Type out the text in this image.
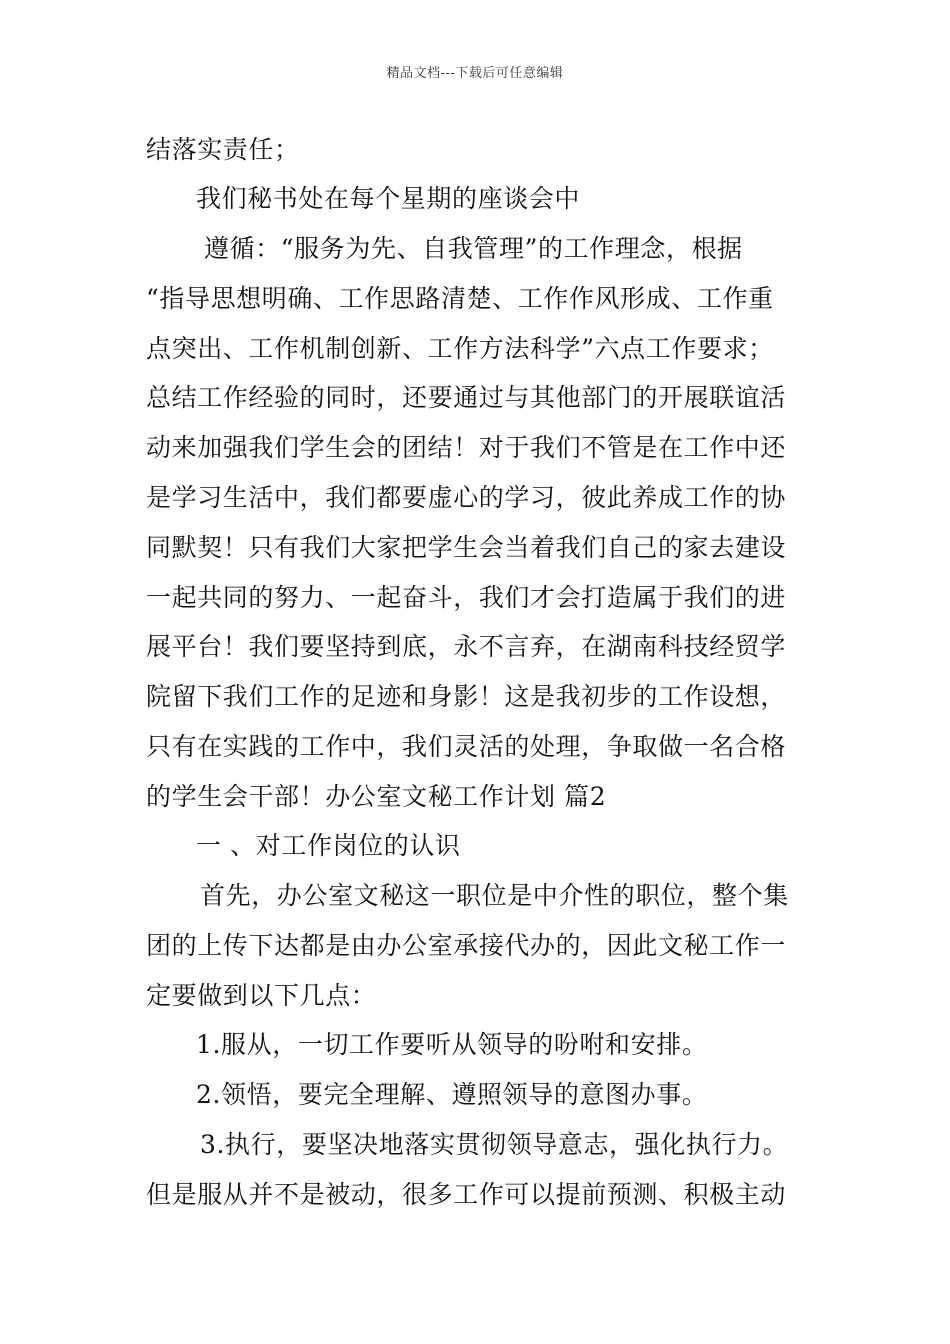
精品文档---下载后可任意编辑
结落实责任；
我们秘书处在每个星期的座谈会中
遵循：“服务为先、自我管理”的工作理念，根据
“指导思想明确、工作思路清楚、工作作风形成、工作重
点突出、工作机制创新、工作方法科学”六点工作要求；
总结工作经验的同时，还要通过与其他部门的开展联谊活
动来加强我们学生会的团结！对于我们不管是在工作中还
是学习生活中，我们都要虚心的学习，彼此养成工作的协
同默契！只有我们大家把学生会当着我们自己的家去建设
一起共同的努力、一起奋斗，我们才会打造属于我们的进
展平台！我们要坚持到底，永不言弃，在湖南科技经贸学
院留下我们工作的足迹和身影！这是我初步的工作设想，
只有在实践的工作中，我们灵活的处理，争取做一名合格
的学生会干部！办公室文秘工作计划 篇2
一 、对工作岗位的认识
首先，办公室文秘这一职位是中介性的职位，整个集
团的上传下达都是由办公室承接代办的，因此文秘工作一
定要做到以下几点：
1.服从，一切工作要听从领导的吩咐和安排。
2.领悟，要完全理解、遵照领导的意图办事。
3.执行，要坚决地落实贯彻领导意志，强化执行力。
但是服从并不是被动，很多工作可以提前预测、积极主动
